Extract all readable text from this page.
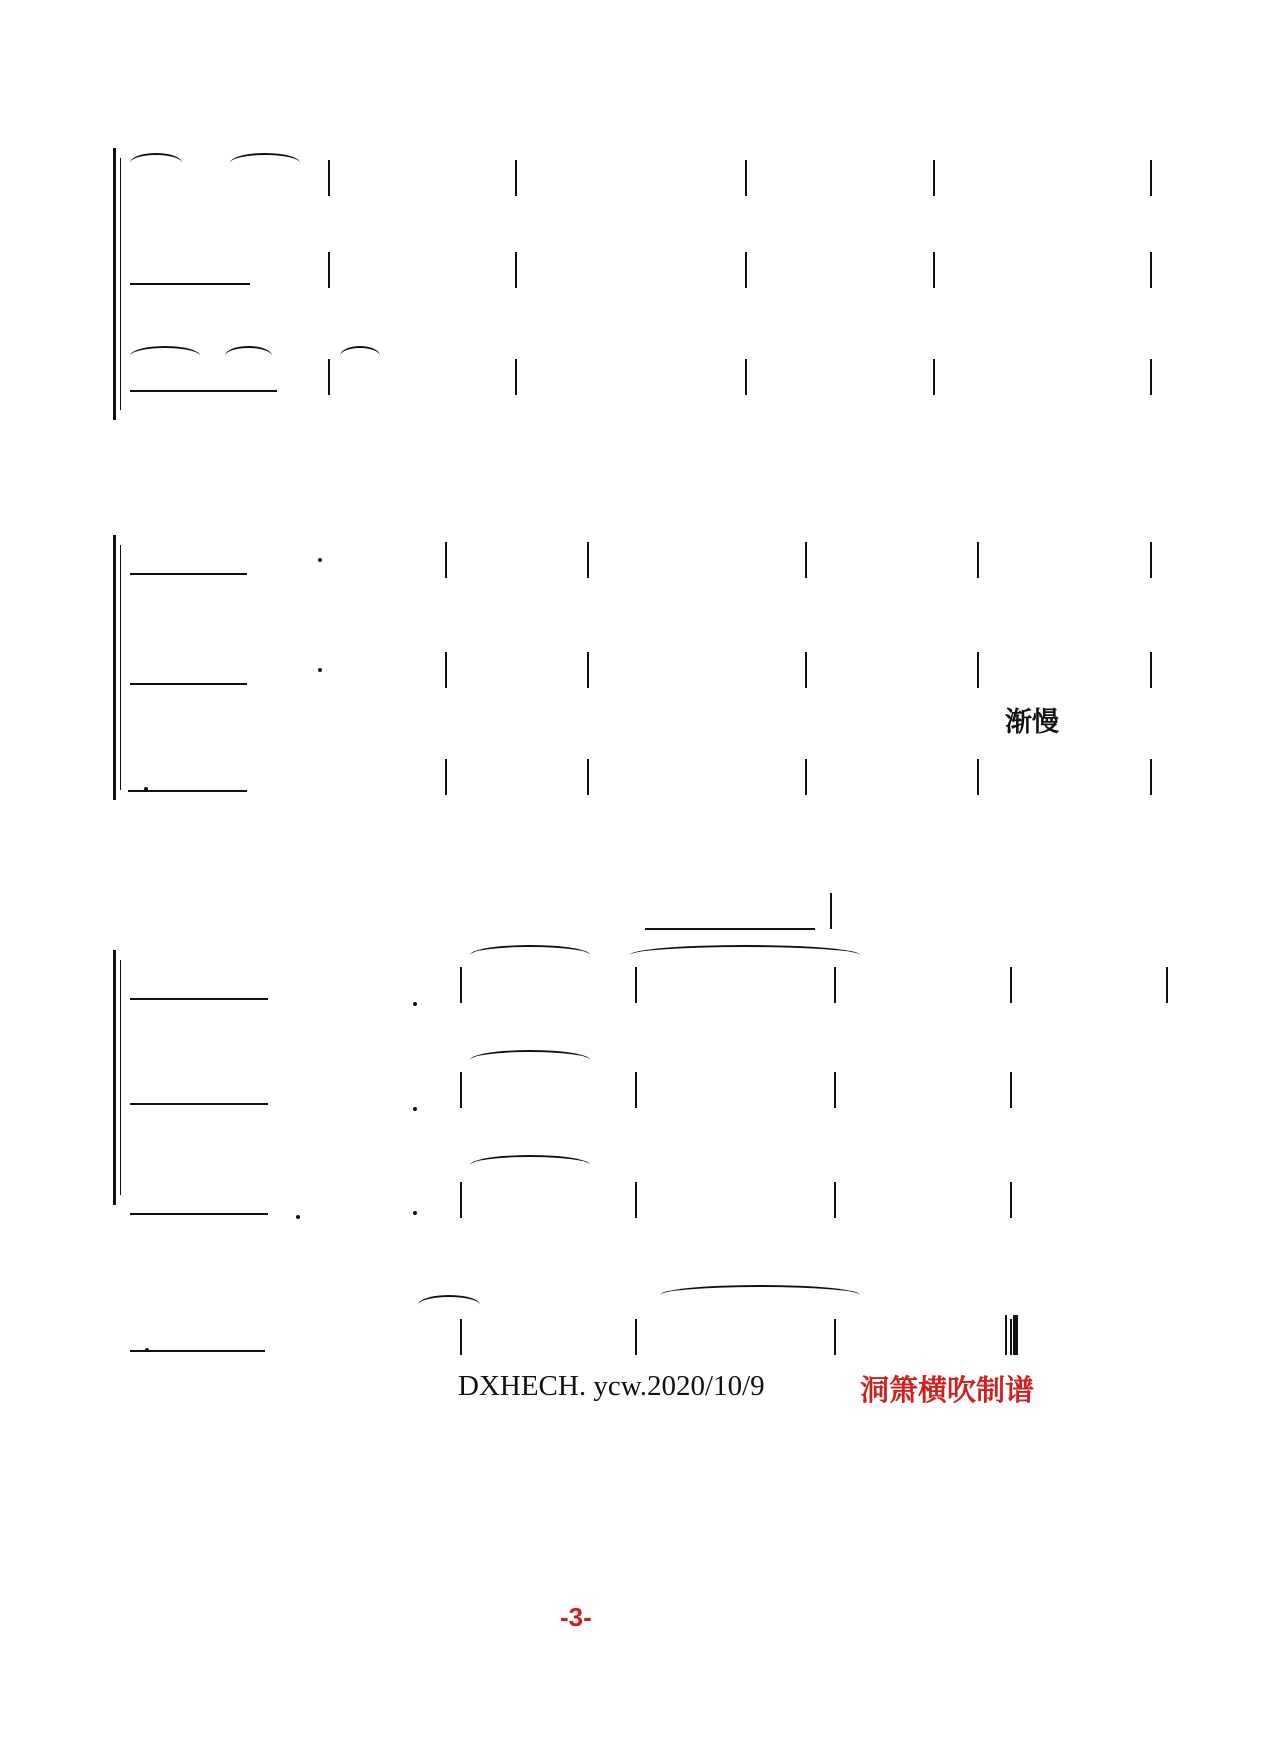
渐慢
DXHECH. ycw.2020/10/9	洞箫横吹制谱
-3-
